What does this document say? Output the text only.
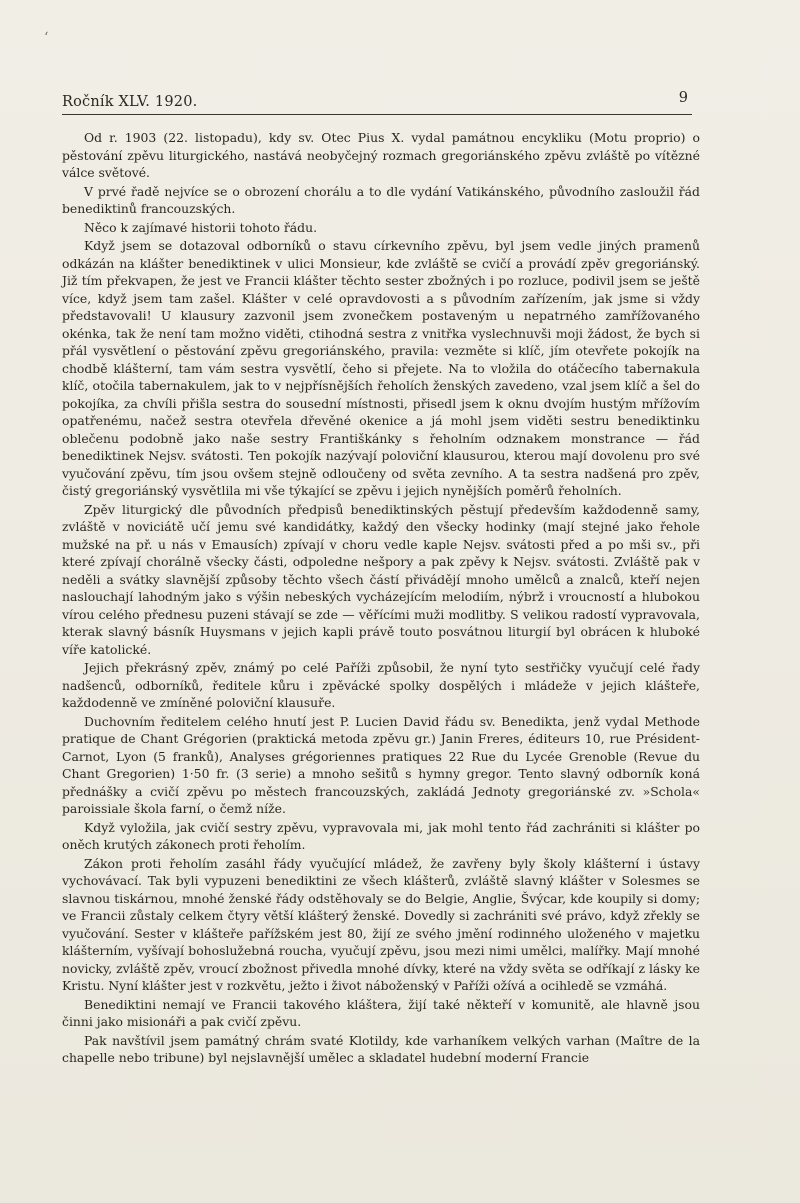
‘
Ročník XLV. 1920.	9

Od r. 1903 (22. listopadu), kdy sv. Otec Pius X. vydal památnou encykliku (Motu proprio) o pěstování zpěvu liturgického, nastává neobyčejný rozmach gregoriánského zpěvu zvláště po vítězné válce světové.

V prvé řadě nejvíce se o obrození chorálu a to dle vydání Vatikánského, původního zasloužil řád benediktinů francouzských.

Něco k zajímavé historii tohoto řádu.

Když jsem se dotazoval odborníků o stavu církevního zpěvu, byl jsem vedle jiných pramenů odkázán na klášter benediktinek v ulici Monsieur, kde zvláště se cvičí a provádí zpěv gregoriánský. Již tím překvapen, že jest ve Francii klášter těchto sester zbožných i po rozluce, podivil jsem se ještě více, když jsem tam zašel. Klášter v celé opravdovosti a s původním zařízením, jak jsme si vždy představovali! U klausury zazvonil jsem zvonečkem postaveným u nepatrného zamřížovaného okénka, tak že není tam možno viděti, ctihodná sestra z vnitřka vyslechnuvši moji žádost, že bych si přál vysvětlení o pěstování zpěvu gregoriánského, pravila: vezměte si klíč, jím otevřete pokojík na chodbě klášterní, tam vám sestra vysvětlí, čeho si přejete. Na to vložila do otáčecího tabernakula klíč, otočila tabernakulem, jak to v nejpřísnějších řeholích ženských zavedeno, vzal jsem klíč a šel do pokojíka, za chvíli přišla sestra do sousední místnosti, přisedl jsem k oknu dvojím hustým mřížovím opatřenému, načež sestra otevřela dřevěné okenice a já mohl jsem viděti sestru benediktinku oblečenu podobně jako naše sestry Františkánky s řeholním odznakem monstrance — řád benediktinek Nejsv. svátosti. Ten pokojík nazývají poloviční klausurou, kterou mají dovolenu pro své vyučování zpěvu, tím jsou ovšem stejně odloučeny od světa zevního. A ta sestra nadšená pro zpěv, čistý gregoriánský vysvětlila mi vše týkající se zpěvu i jejich nynějších poměrů řeholních.

Zpěv liturgický dle původních předpisů benediktinských pěstují především každodenně samy, zvláště v noviciátě učí jemu své kandidátky, každý den všecky hodinky (mají stejné jako řehole mužské na př. u nás v Emausích) zpívají v choru vedle kaple Nejsv. svátosti před a po mši sv., při které zpívají chorálně všecky části, odpoledne nešpory a pak zpěvy k Nejsv. svátosti. Zvláště pak v neděli a svátky slavnější způsoby těchto všech částí přivádějí mnoho umělců a znalců, kteří nejen naslouchají lahodným jako s výšin nebeských vycházejícím melodiím, nýbrž i vroucností a hlubokou vírou celého přednesu puzeni stávají se zde — věřícími muži modlitby. S velikou radostí vypravovala, kterak slavný básník Huysmans v jejich kapli právě touto posvátnou liturgií byl obrácen k hluboké víře katolické.

Jejich překrásný zpěv, známý po celé Paříži způsobil, že nyní tyto sestřičky vyučují celé řady nadšenců, odborníků, ředitele kůru i zpěvácké spolky dospělých i mládeže v jejich klášteře, každodenně ve zmíněné poloviční klausuře.

Duchovním ředitelem celého hnutí jest P. Lucien David řádu sv. Benedikta, jenž vydal Methode pratique de Chant Grégorien (praktická metoda zpěvu gr.) Janin Freres, éditeurs 10, rue Président-Carnot, Lyon (5 franků), Analyses grégoriennes pratiques 22 Rue du Lycée Grenoble (Revue du Chant Gregorien) 1·50 fr. (3 serie) a mnoho sešitů s hymny gregor. Tento slavný odborník koná přednášky a cvičí zpěvu po městech francouzských, zakládá Jednoty gregoriánské zv. »Schola« paroissiale škola farní, o čemž níže.

Když vyložila, jak cvičí sestry zpěvu, vypravovala mi, jak mohl tento řád zachrániti si klášter po oněch krutých zákonech proti řeholím.

Zákon proti řeholím zasáhl řády vyučující mládež, že zavřeny byly školy klášterní i ústavy vychovávací. Tak byli vypuzeni benediktini ze všech klášterů, zvláště slavný klášter v Solesmes se slavnou tiskárnou, mnohé ženské řády odstěhovaly se do Belgie, Anglie, Švýcar, kde koupily si domy; ve Francii zůstaly celkem čtyry větší klášterý ženské. Dovedly si zachrániti své právo, když zřekly se vyučování. Sester v klášteře pařížském jest 80, žijí ze svého jmění rodinného uloženého v majetku klášterním, vyšívají bohoslužebná roucha, vyučují zpěvu, jsou mezi nimi umělci, malířky. Mají mnohé novicky, zvláště zpěv, vroucí zbožnost přivedla mnohé dívky, které na vždy světa se odříkají z lásky ke Kristu. Nyní klášter jest v rozkvětu, ježto i život náboženský v Paříži ožívá a ocihledě se vzmáhá.

Benediktini nemají ve Francii takového kláštera, žijí také někteří v komunitě, ale hlavně jsou činni jako misionáři a pak cvičí zpěvu.

Pak navštívil jsem památný chrám svaté Klotildy, kde varhaníkem velkých varhan (Maître de la chapelle nebo tribune) byl nejslavnější umělec a skladatel hudební moderní Francie
